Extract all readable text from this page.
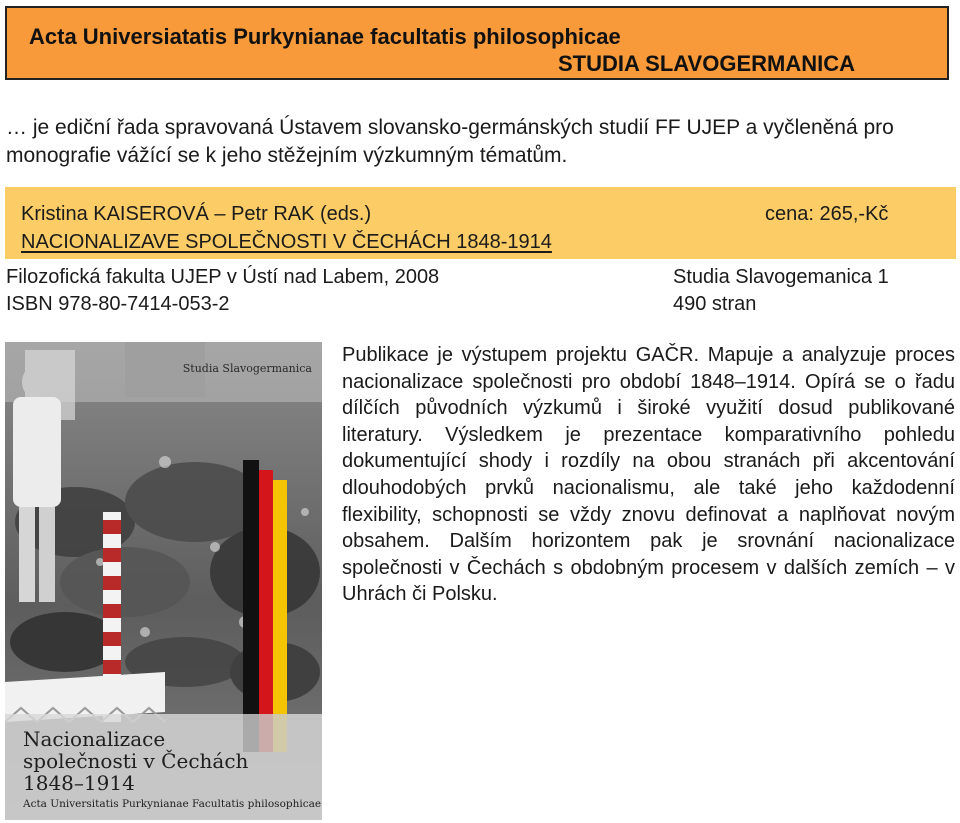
Acta Universiatatis Purkynianae facultatis philosophicae
STUDIA SLAVOGERMANICA
… je ediční řada spravovaná Ústavem slovansko-germánských studií FF UJEP a vyčleněná pro monografie vážící se k jeho stěžejním výzkumným tématům.
Kristina KAISEROVÁ – Petr RAK (eds.)	cena: 265,-Kč
NACIONALIZAVE SPOLEČNOSTI V ČECHÁCH 1848-1914
Filozofická fakulta UJEP v Ústí nad Labem, 2008
ISBN 978-80-7414-053-2
Studia Slavogemanica 1
490 stran
Studia Slavogermanica
Nacionalizace
společnosti v Čechách
1848–1914
Acta Universitatis Purkynianae Facultatis philosophicae

Publikace je výstupem projektu GAČR. Mapuje a analyzuje proces nacionalizace společnosti pro období 1848–1914. Opírá se o řadu dílčích původních výzkumů i široké využití dosud publikované literatury. Výsledkem je prezentace komparativního pohledu dokumentující shody i rozdíly na obou stranách při akcentování dlouhodobých prvků nacionalismu, ale také jeho každodenní flexibility, schopnosti se vždy znovu definovat a naplňovat novým obsahem. Dalším horizontem pak je srovnání nacionalizace společnosti v Čechách s obdobným procesem v dalších zemích – v Uhrách či Polsku.
